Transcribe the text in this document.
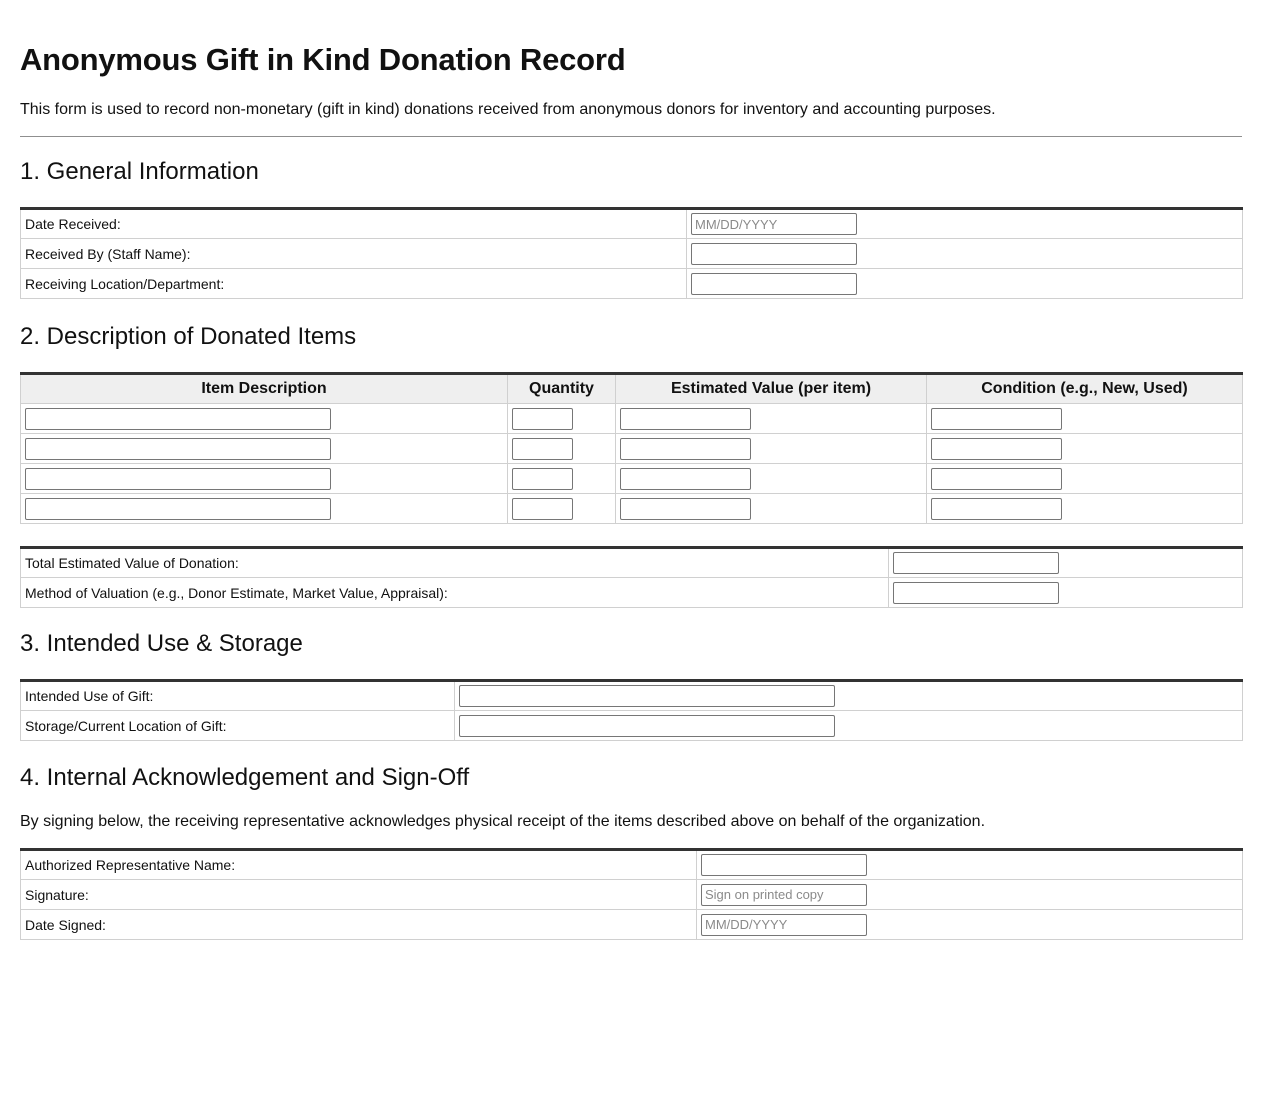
Anonymous Gift in Kind Donation Record

This form is used to record non-monetary (gift in kind) donations received from anonymous donors for inventory and accounting purposes.

1. General Information
Date Received:	MM/DD/YYYY
Received By (Staff Name):	
Receiving Location/Department:	
2. Description of Donated Items
Item Description	Quantity	Estimated Value (per item)	Condition (e.g., New, Used)

Total Estimated Value of Donation:	
Method of Valuation (e.g., Donor Estimate, Market Value, Appraisal):	
3. Intended Use & Storage
Intended Use of Gift:	
Storage/Current Location of Gift:	
4. Internal Acknowledgement and Sign-Off

By signing below, the receiving representative acknowledges physical receipt of the items described above on behalf of the organization.

Authorized Representative Name:	
Signature:	Sign on printed copy
Date Signed:	MM/DD/YYYY
